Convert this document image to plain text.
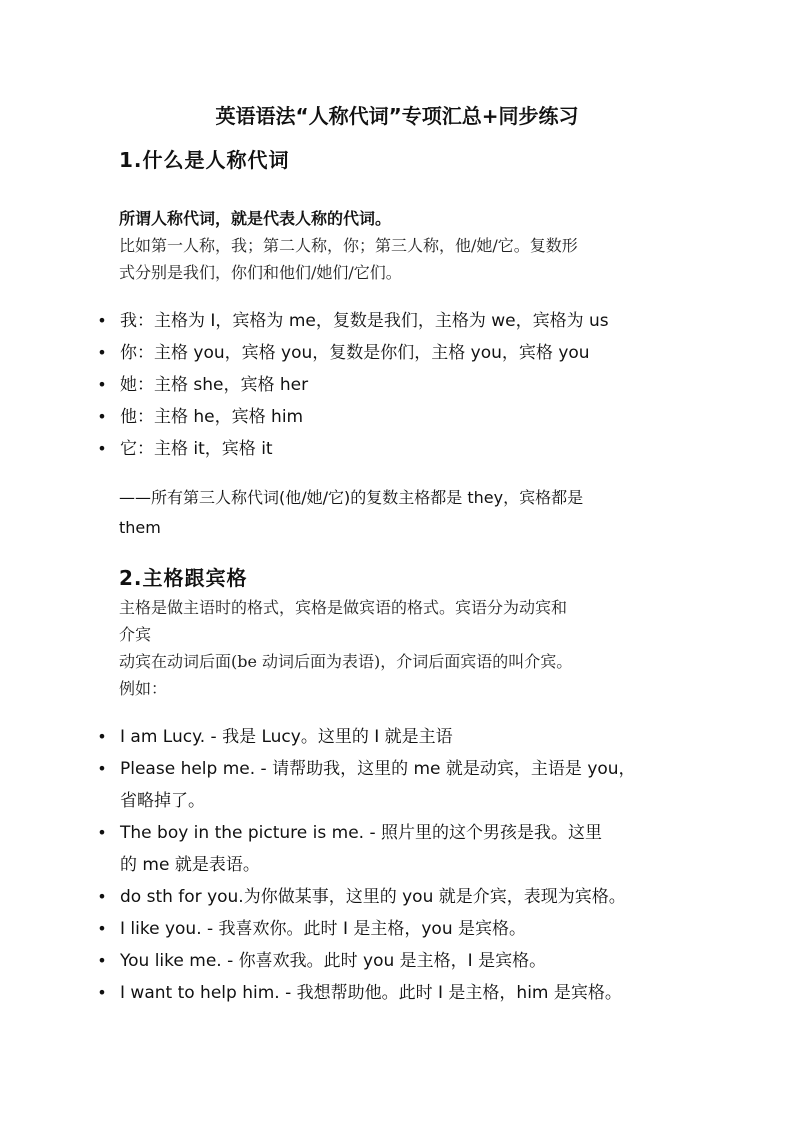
英语语法“人称代词”专项汇总+同步练习
1.什么是人称代词
所谓人称代词，就是代表人称的代词。
比如第一人称，我；第二人称，你；第三人称，他/她/它。复数形
式分别是我们，你们和他们/她们/它们。
• 我：主格为 I，宾格为 me，复数是我们，主格为 we，宾格为 us
• 你：主格 you，宾格 you，复数是你们，主格 you，宾格 you
• 她：主格 she，宾格 her
• 他：主格 he，宾格 him
• 它：主格 it，宾格 it
——所有第三人称代词(他/她/它)的复数主格都是 they，宾格都是
them
2.主格跟宾格
主格是做主语时的格式，宾格是做宾语的格式。宾语分为动宾和
介宾
动宾在动词后面(be 动词后面为表语)，介词后面宾语的叫介宾。
例如：
• I am Lucy. - 我是 Lucy。这里的 I 就是主语
• Please help me. - 请帮助我，这里的 me 就是动宾，主语是 you，
省略掉了。
• The boy in the picture is me. - 照片里的这个男孩是我。这里
的 me 就是表语。
• do sth for you.为你做某事，这里的 you 就是介宾，表现为宾格。
• I like you. - 我喜欢你。此时 I 是主格，you 是宾格。
• You like me. - 你喜欢我。此时 you 是主格，I 是宾格。
• I want to help him. - 我想帮助他。此时 I 是主格，him 是宾格。
